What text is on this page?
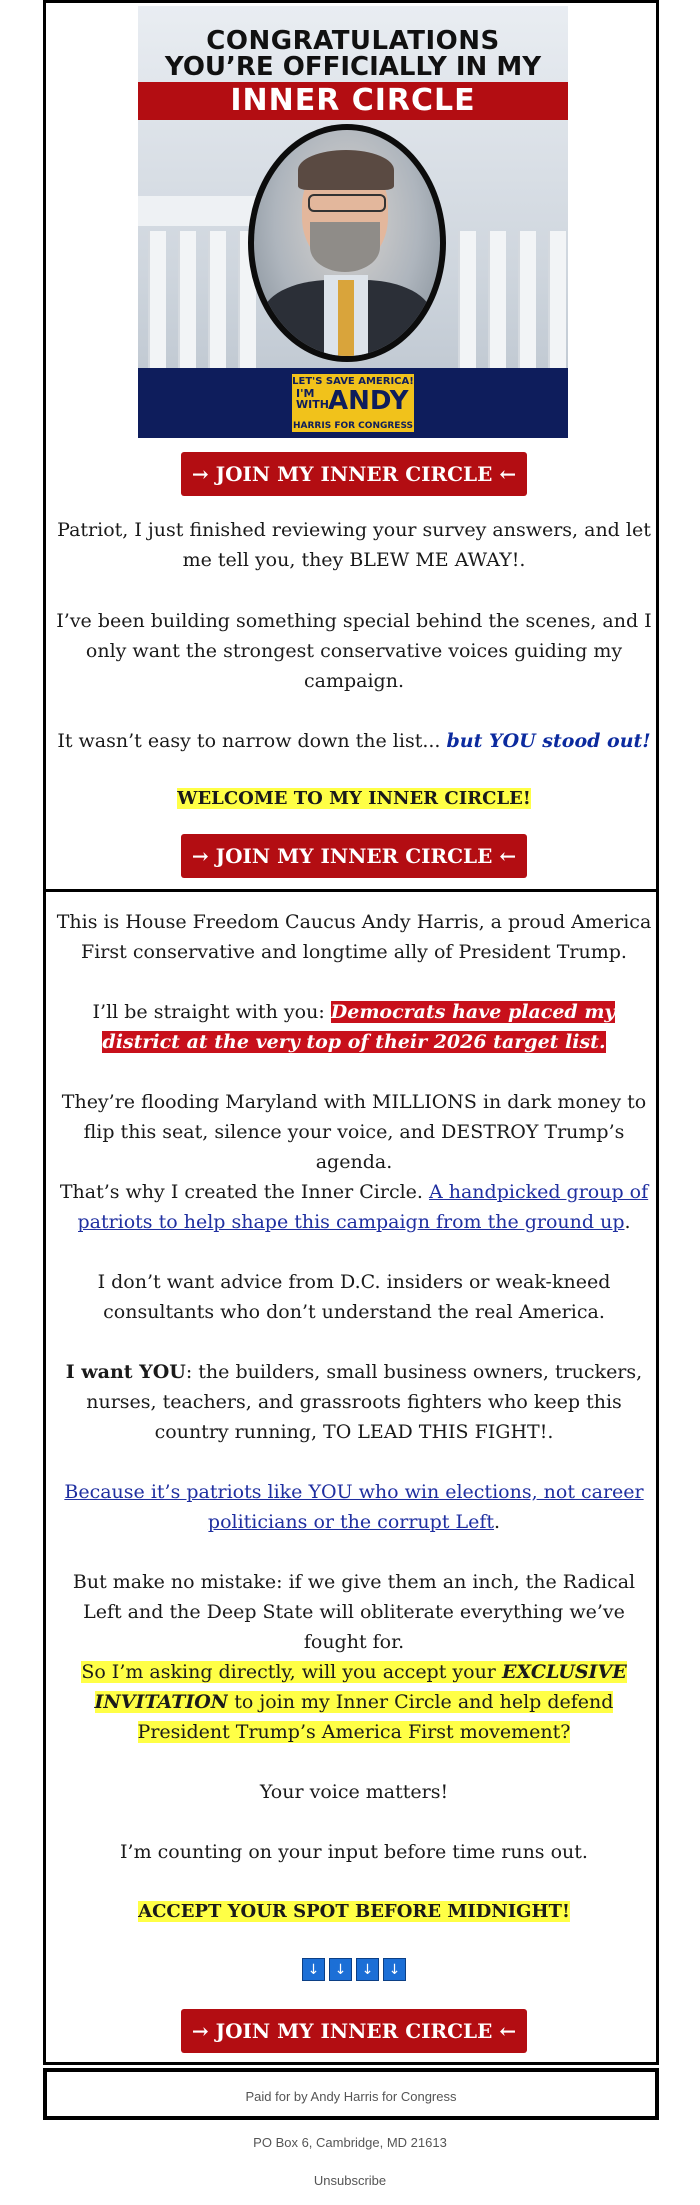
CONGRATULATIONS
YOU’RE OFFICIALLY IN MY
INNER CIRCLE
LET'S SAVE AMERICA!
I'M WITH ANDY
HARRIS FOR CONGRESS
→ JOIN MY INNER CIRCLE ←

Patriot, I just finished reviewing your survey answers, and let me tell you, they BLEW ME AWAY!.

I’ve been building something special behind the scenes, and I only want the strongest conservative voices guiding my campaign.

It wasn’t easy to narrow down the list... but YOU stood out!

WELCOME TO MY INNER CIRCLE!

→ JOIN MY INNER CIRCLE ←

This is House Freedom Caucus Andy Harris, a proud America First conservative and longtime ally of President Trump.

I’ll be straight with you: Democrats have placed my district at the very top of their 2026 target list.

They’re flooding Maryland with MILLIONS in dark money to flip this seat, silence your voice, and DESTROY Trump’s agenda.

That’s why I created the Inner Circle. A handpicked group of patriots to help shape this campaign from the ground up.

I don’t want advice from D.C. insiders or weak-kneed consultants who don’t understand the real America.

I want YOU: the builders, small business owners, truckers, nurses, teachers, and grassroots fighters who keep this country running, TO LEAD THIS FIGHT!.

Because it’s patriots like YOU who win elections, not career politicians or the corrupt Left.

But make no mistake: if we give them an inch, the Radical Left and the Deep State will obliterate everything we’ve fought for.

So I’m asking directly, will you accept your EXCLUSIVE INVITATION to join my Inner Circle and help defend President Trump’s America First movement?

Your voice matters!

I’m counting on your input before time runs out.

ACCEPT YOUR SPOT BEFORE MIDNIGHT!

↓ ↓ ↓ ↓
→ JOIN MY INNER CIRCLE ←
Paid for by Andy Harris for Congress
PO Box 6, Cambridge, MD 21613
Unsubscribe
